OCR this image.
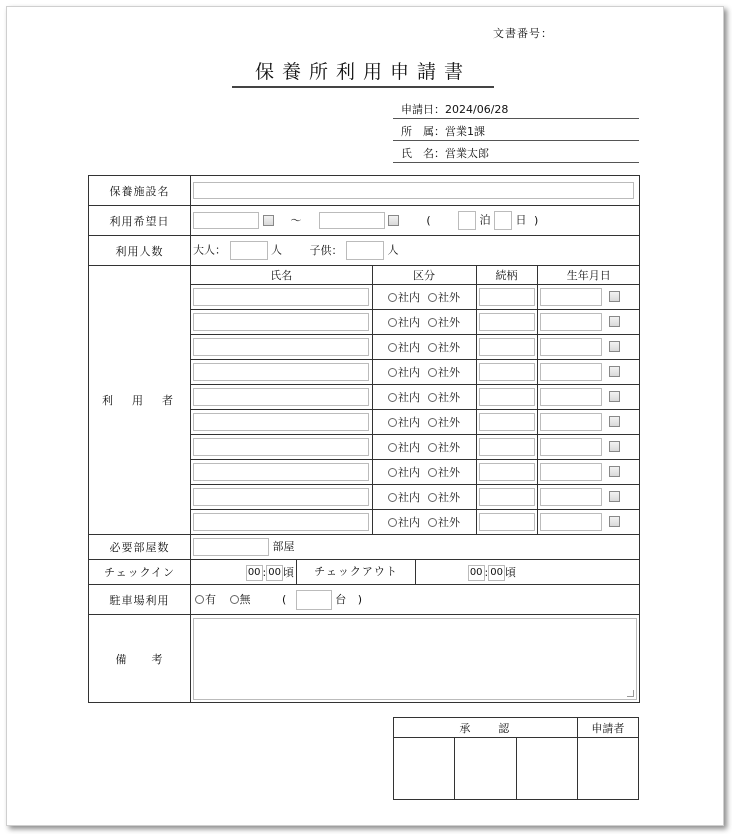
文書番号：
保養所利用申請書
申請日：2024/06/28
所　属：営業1課
氏　名：営業太郎
保養施設名	
利用希望日	～	(	泊 日 )
利用人数	大人：	人	子供：	人
利　用　者	
氏名	区分	続柄	生年月日
	社内 社外		
	社内 社外		
	社内 社外		
	社内 社外		
	社内 社外		
	社内 社外		
	社内 社外		
	社内 社外		
	社内 社外		
	社内 社外		

必要部屋数	部屋
チェックイン	00 : 00 頃	チェックアウト	00 : 00 頃

駐車場利用	有 無	(	台 )
備　　考	
承　　認			申請者
